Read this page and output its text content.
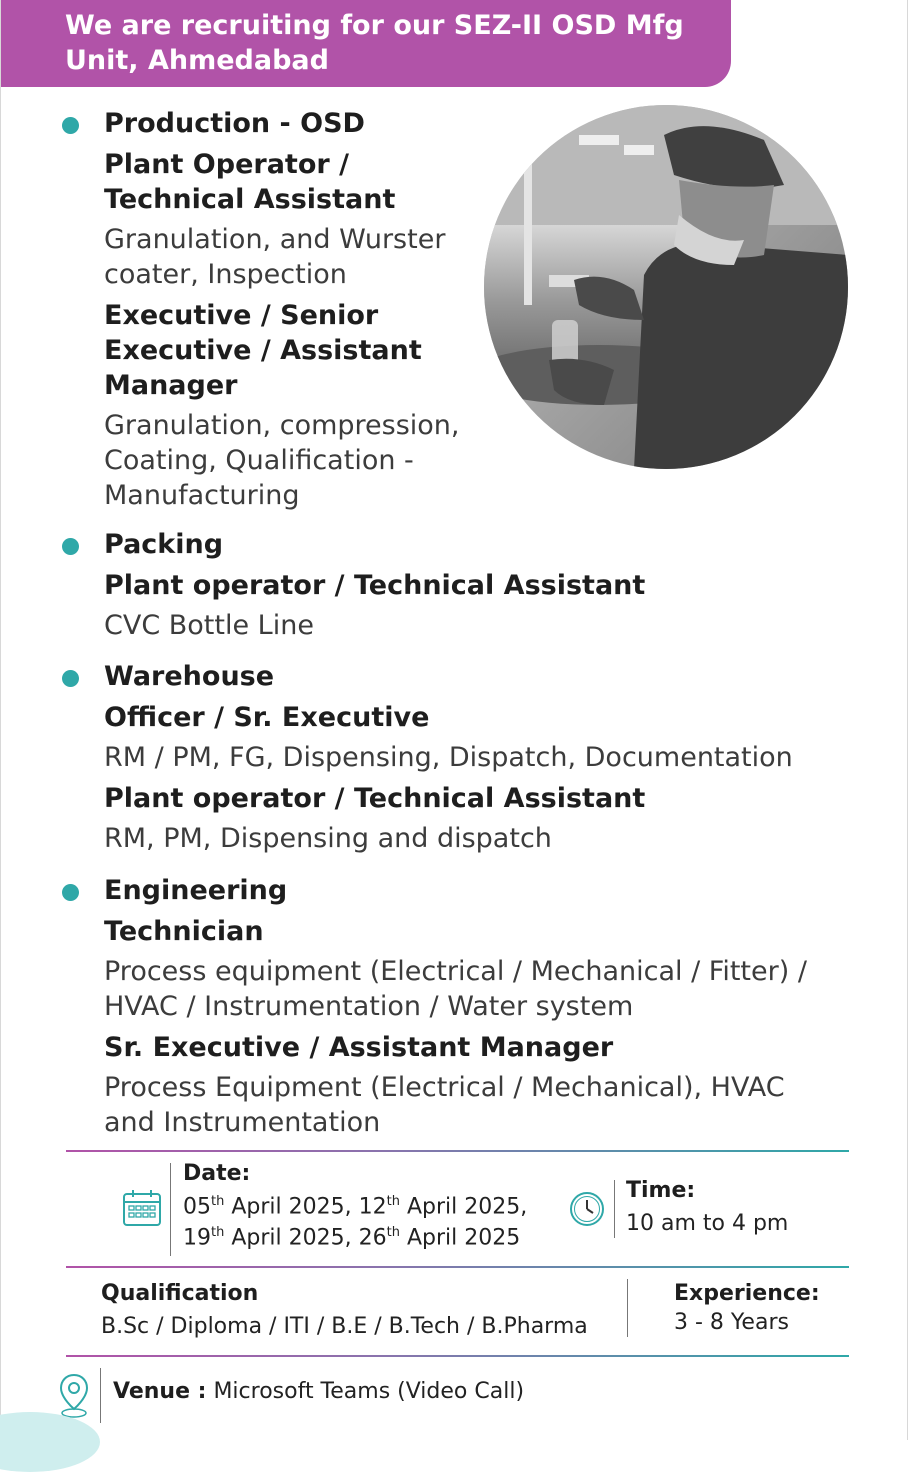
We are recruiting for our SEZ-II OSD Mfg Unit, Ahmedabad
Production - OSD
Plant Operator / Technical Assistant
Granulation, and Wurster coater, Inspection
Executive / Senior Executive / Assistant Manager
Granulation, compression, Coating, Qualification - Manufacturing
Packing
Plant operator / Technical Assistant
CVC Bottle Line
Warehouse
Officer / Sr. Executive
RM / PM, FG, Dispensing, Dispatch, Documentation
Plant operator / Technical Assistant
RM, PM, Dispensing and dispatch
Engineering
Technician
Process equipment (Electrical / Mechanical / Fitter) / HVAC / Instrumentation / Water system
Sr. Executive / Assistant Manager
Process Equipment (Electrical / Mechanical), HVAC and Instrumentation
Date:
05th April 2025, 12th April 2025,
19th April 2025, 26th April 2025
Time:
10 am to 4 pm
Qualification
B.Sc / Diploma / ITI / B.E / B.Tech / B.Pharma
Experience:
3 - 8 Years
Venue : Microsoft Teams (Video Call)
